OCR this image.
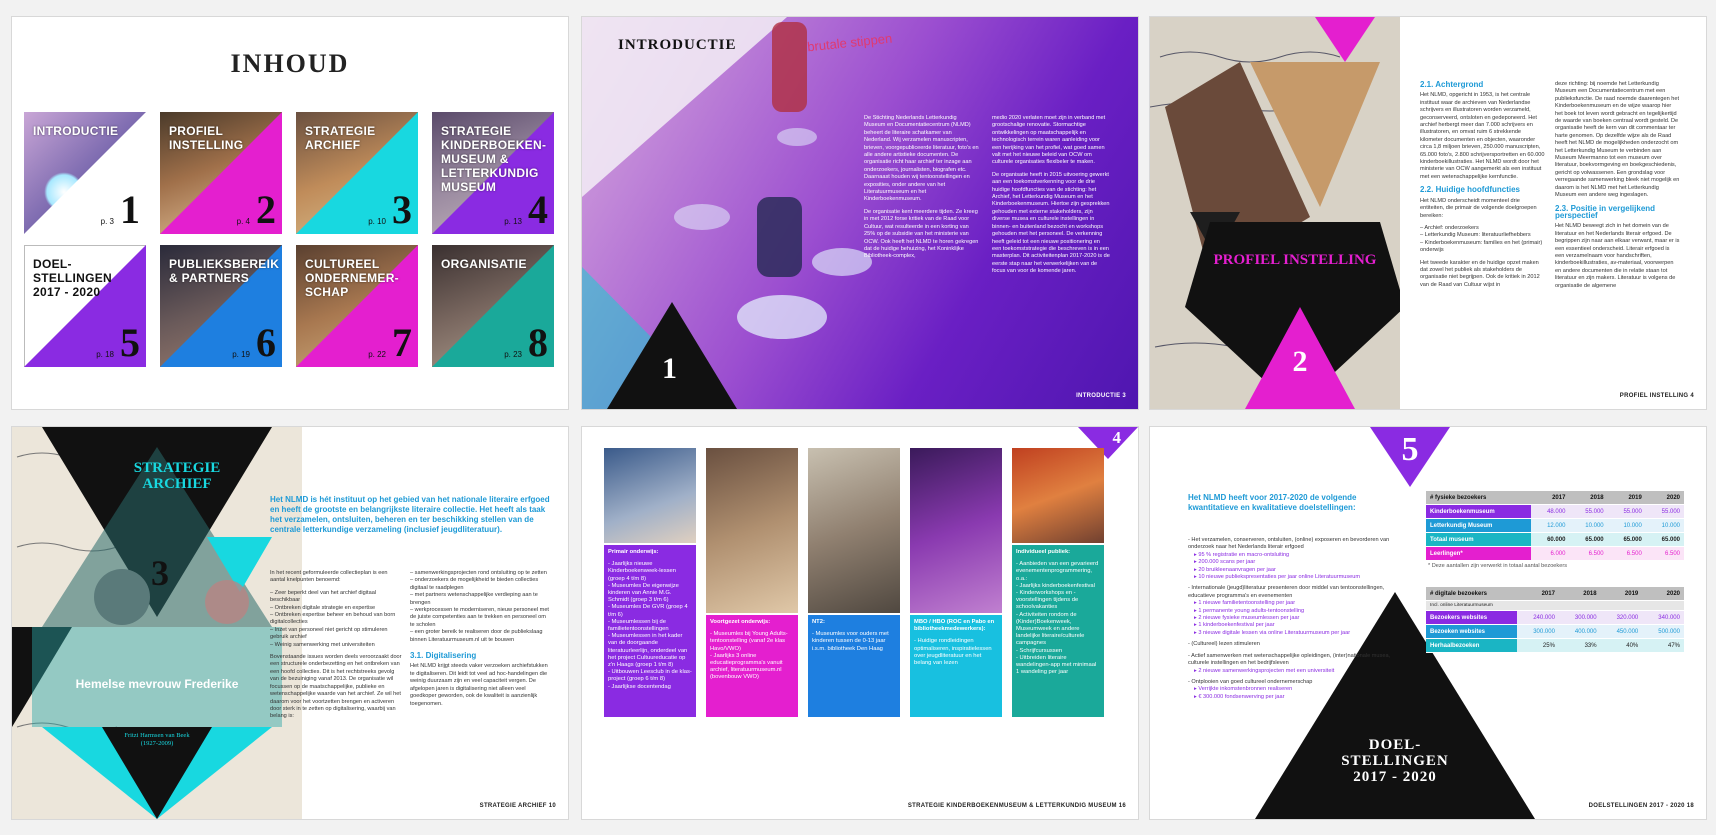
INHOUD
INTRODUCTIE
p. 3 1
PROFIEL INSTELLING
p. 4 2
STRATEGIE ARCHIEF
p. 10 3
STRATEGIE KINDERBOEKEN-MUSEUM & LETTERKUNDIG MUSEUM
p. 13 4
DOEL-STELLINGEN 2017 - 2020
p. 18 5
PUBLIEKSBEREIK & PARTNERS
p. 19 6
CULTUREEL ONDERNEMER-SCHAP
p. 22 7
ORGANISATIE
p. 23 8
INTRODUCTIE	brutale stippen
1

De Stichting Nederlands Letterkundig Museum en Documentatiecentrum (NLMD) beheert de literaire schatkamer van Nederland. Wij verzamelen manuscripten, brieven, voorgepubliceerde literatuur, foto's en alle andere artistieke documenten. De organisatie richt haar archief ter inzage aan onderzoekers, journalisten, biografen etc. Daarnaast houden wij tentoonstellingen en exposities, onder andere van het Literatuurmuseum en het Kinderboekenmuseum.

De organisatie kent meerdere tijden. Ze kreeg in met 2012 forse kritiek van de Raad voor Cultuur, wat resulteerde in een korting van 25% op de subsidie van het ministerie van OCW. Ook heeft het NLMD te horen gekregen dat de huidige behuizing, het Koninklijke Bibliotheek-complex,

medio 2020 verlaten moet zijn in verband met grootschalige renovatie. Stormachtige ontwikkelingen op maatschappelijk en technologisch terrein waren aanleiding voor een herijking van het profiel, wat goed samen valt met het nieuwe beleid van OCW om culturele organisaties flexibeler te maken.

De organisatie heeft in 2015 uitvoering gewerkt aan een toekomstverkenning voor de drie huidige hoofdfuncties van de stichting: het Archief, het Letterkundig Museum en het Kinderboekenmuseum. Hiertoe zijn gesprekken gehouden met externe stakeholders, zijn diverse musea en culturele instellingen in binnen- en buitenland bezocht en workshops gehouden met het personeel. De verkenning heeft geleid tot een nieuwe positionering en een toekomststrategie die beschreven is in een masterplan. Dit activiteitenplan 2017-2020 is de eerste stap naar het verwerkelijken van de focus van voor de komende jaren.

INTRODUCTIE 3
PROFIEL INSTELLING
2
2.1. Achtergrond

Het NLMD, opgericht in 1953, is het centrale instituut waar de archieven van Nederlandse schrijvers en illustratoren worden verzameld, geconserveerd, ontsloten en gedeponeerd. Het archief herbergt meer dan 7.000 schrijvers en illustratoren, en omvat ruim 6 strekkende kilometer documenten en objecten, waaronder circa 1,8 miljoen brieven, 250.000 manuscripten, 65.000 foto's, 2.800 schrijversportretten en 60.000 kinderboekillustraties. Het NLMD wordt door het ministerie van OCW aangemerkt als een instituut met een wetenschappelijke kernfunctie.

2.2. Huidige hoofdfuncties

Het NLMD onderscheidt momenteel drie entiteiten, die primair de volgende doelgroepen bereiken:

– Archief: onderzoekers
– Letterkundig Museum: literatuurliefhebbers
– Kinderboekenmuseum: families en het (primair) onderwijs

Het tweede karakter en de huidige opzet maken dat zowel het publiek als stakeholders de organisatie niet begrijpen. Ook de kritiek in 2012 van de Raad van Cultuur wijst in

deze richting: bij noemde het Letterkundig Museum een Documentatiecentrum met een publieksfunctie. De raad noemde daarentegen het Kinderboekenmuseum en de wijze waarop hier het boek tot leven wordt gebracht en tegelijkertijd de waarde van boeken centraal wordt gesteld. De organisatie heeft de kern van dit commentaar ter harte genomen. Op dezelfde wijze als de Raad heeft het NLMD de mogelijkheden onderzocht om het Letterkundig Museum te verbinden aan Museum Meermanno tot een museum over literatuur, boekvormgeving en boekgeschiedenis, gericht op volwassenen. Een grondslag voor verregaande samenwerking bleek niet mogelijk en daarom is het NLMD met het Letterkundig Museum een andere weg ingeslagen.

2.3. Positie in vergelijkend perspectief

Het NLMD beweegt zich in het domein van de literatuur en het Nederlands literair erfgoed. De begrippen zijn naar aan elkaar verwant, maar er is een essentieel onderscheid. Literair erfgoed is een verzamelnaam voor handschriften, kinderboekillustraties, av-materiaal, voorwerpen en andere documenten die in relatie staan tot literatuur en zijn makers. Literatuur is volgens de organisatie de algemene

PROFIEL INSTELLING 4
STRATEGIE ARCHIEF
3
Hemelse mevrouw Frederike
Fritzi Harmsen van Beek (1927-2009)
Het NLMD is hét instituut op het gebied van het nationale literaire erfgoed en heeft de grootste en belangrijkste literaire collectie. Het heeft als taak het verzamelen, ontsluiten, beheren en ter beschikking stellen van de centrale letterkundige verzameling (inclusief jeugdliteratuur).

In het recent geformuleerde collectieplan is een aantal knelpunten benoemd:

– Zeer beperkt deel van het archief digitaal beschikbaar
– Ontbreken digitale strategie en expertise
– Ontbreken expertise beheer en behoud van born digitalcollecties
– Inzet van personeel niet gericht op stimuleren gebruik archief
– Weinig samenwerking met universiteiten

Bovenstaande issues worden deels veroorzaakt door een structurele onderbezetting en het ontbreken van een hoofd collecties. Dit is het rechtstreeks gevolg van de bezuiniging vanaf 2013. De organisatie wil focussen op de maatschappelijke, publieke en wetenschappelijke waarde van het archief. Ze wil het daarom voor het voortzetten brengen en activeren door sterk in te zetten op digitalisering, waarbij van belang is:

– samenwerkingsprojecten rond ontsluiting op te zetten
– onderzoekers de mogelijkheid te bieden collecties digitaal te raadplegen
– met partners wetenschappelijke verdieping aan te brengen
– werkprocessen te moderniseren, nieuw personeel met de juiste competenties aan te trekken en personeel om te scholen
– een groter bereik te realiseren door de publiekslaag binnen Literatuurmuseum.nl uit te bouwen

3.1. Digitalisering

Het NLMD krijgt steeds vaker verzoeken archiefstukken te digitaliseren. Dit leidt tot veel ad hoc-handelingen die weinig duurzaam zijn en veel capaciteit vergen. De afgelopen jaren is digitalisering niet alleen veel goedkoper geworden, ook de kwaliteit is aanzienlijk toegenomen.

STRATEGIE ARCHIEF 10
4
Primair onderwijs:
- Jaarlijks nieuwe Kinderboekenweek-lessen (groep 4 t/m 8)
- Museumles De eigenwijze kinderen van Annie M.G. Schmidt (groep 3 t/m 6)
- Museumles De GVR (groep 4 t/m 6)
- Museumlessen bij de familietentoonstellingen
- Museumlessen in het kader van de doorgaande literatuurleerlijn, onderdeel van het project Cultuureducatie op z'n Haags (groep 1 t/m 8)
- Uitbouwen Leesclub in de klas-project (groep 6 t/m 8)
- Jaarlijkse docentendag
Voortgezet onderwijs:
- Museumles bij Young Adults-tentoonstelling (vanaf 2e klas Havo/VWO)
- Jaarlijks 3 online educatieprogramma's vanuit archief, literatuurmuseum.nl (bovenbouw VWO)
NT2:
- Museumles voor ouders met kinderen tussen de 0-13 jaar i.s.m. bibliotheek Den Haag
MBO / HBO (ROC en Pabo en bibliotheekmedewerkers):
- Huidige rondleidingen optimaliseren, inspiratielessen over jeugdliteratuur en het belang van lezen
Individueel publiek:
- Aanbieden van een gevarieerd evenementenprogrammering, o.a.:
- Jaarlijks kinderboekenfestival
- Kinderworkshops en -voorstellingen tijdens de schoolvakanties
- Activiteiten rondom de (Kinder)Boekenweek, Museumweek en andere landelijke literaire/culturele campagnes
- Schrijfcursussen
- Uitbreiden literaire wandelingen-app met minimaal 1 wandeling per jaar
STRATEGIE KINDERBOEKENMUSEUM & LETTERKUNDIG MUSEUM 16
5
DOEL-STELLINGEN 2017 - 2020
Het NLMD heeft voor 2017-2020 de volgende kwantitatieve en kwalitatieve doelstellingen:
- Het verzamelen, conserveren, ontsluiten, (online) exposeren en bevorderen van onderzoek naar het Nederlands literair erfgoed
▸ 95 % registratie en macro-ontsluiting
▸ 200.000 scans per jaar
▸ 20 bruikleenaanvragen per jaar
▸ 10 nieuwe publiekspresentaties per jaar online Literatuurmuseum
- Internationale (jeugd)literatuur presenteren door middel van tentoonstellingen, educatieve programma's en evenementen
▸ 1 nieuwe familietentoonstelling per jaar
▸ 1 permanente young adults-tentoonstelling
▸ 2 nieuwe fysieke museumlessen per jaar
▸ 1 kinderboekenfestival per jaar
▸ 3 nieuwe digitale lessen via online Literatuurmuseum per jaar
- (Cultureel) lezen stimuleren
- Actief samenwerken met wetenschappelijke opleidingen, (inter)nationale musea, culturele instellingen en het bedrijfsleven
▸ 2 nieuwe samenwerkingsprojecten met een universiteit
- Ontplooien van goed cultureel ondernemerschap
▸ Verrijkte inkomstenbronnen realiseren
▸ € 300.000 fondsenwerving per jaar
# fysieke bezoekers	2017	2018	2019	2020
Kinderboekenmuseum	48.000	55.000	55.000	55.000
Letterkundig Museum	12.000	10.000	10.000	10.000
Totaal museum	60.000	65.000	65.000	65.000
Leerlingen*	6.000	6.500	6.500	6.500
* Deze aantallen zijn verwerkt in totaal aantal bezoekers
# digitale bezoekers	2017	2018	2019	2020
Incl. online Literatuurmuseum				
Bezoekers websites	240.000	300.000	320.000	340.000
Bezoeken websites	300.000	400.000	450.000	500.000
Herhaalbezoeken	25%	33%	40%	47%
DOELSTELLINGEN 2017 - 2020 18
